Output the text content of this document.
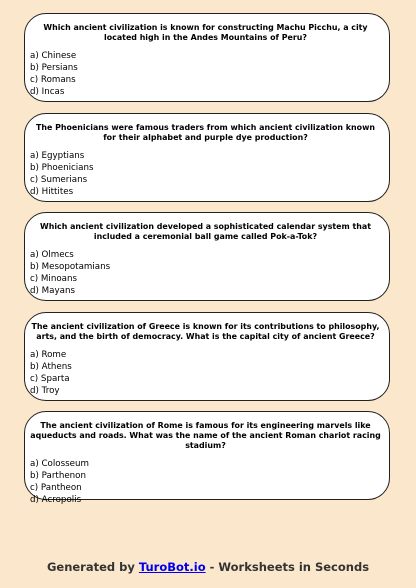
Which ancient civilization is known for constructing Machu Picchu, a city located high in the Andes Mountains of Peru?

a) Chinese

b) Persians

c) Romans

d) Incas

The Phoenicians were famous traders from which ancient civilization known for their alphabet and purple dye production?

a) Egyptians

b) Phoenicians

c) Sumerians

d) Hittites

Which ancient civilization developed a sophisticated calendar system that included a ceremonial ball game called Pok-a-Tok?

a) Olmecs

b) Mesopotamians

c) Minoans

d) Mayans

The ancient civilization of Greece is known for its contributions to philosophy, arts, and the birth of democracy. What is the capital city of ancient Greece?

a) Rome

b) Athens

c) Sparta

d) Troy

The ancient civilization of Rome is famous for its engineering marvels like aqueducts and roads. What was the name of the ancient Roman chariot racing stadium?

a) Colosseum

b) Parthenon

c) Pantheon

d) Acropolis

Generated by TuroBot.io - Worksheets in Seconds
